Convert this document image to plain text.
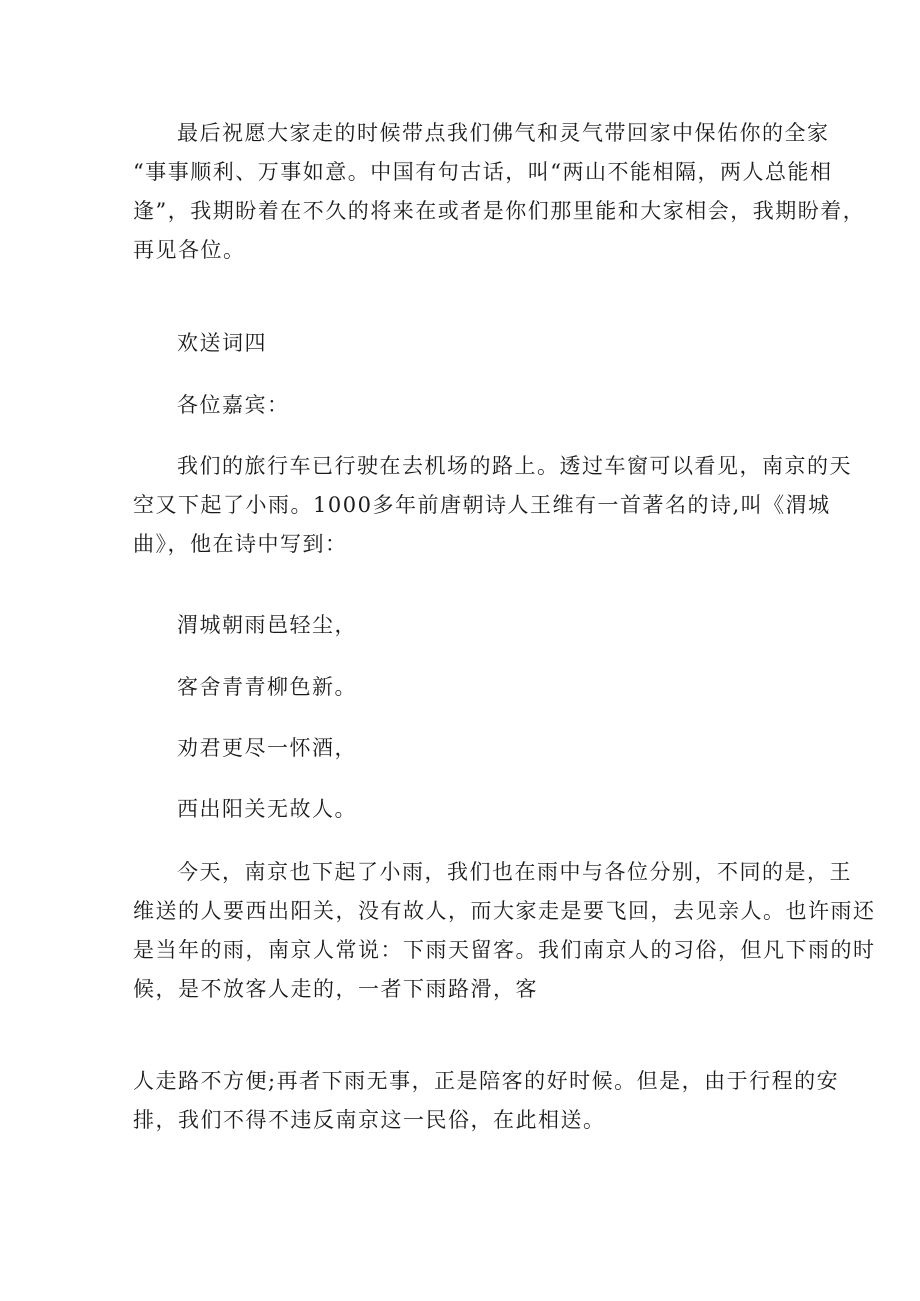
最后祝愿大家走的时候带点我们佛气和灵气带回家中保佑你的全家
“事事顺利、万事如意。中国有句古话，叫“两山不能相隔，两人总能相
逢”，我期盼着在不久的将来在或者是你们那里能和大家相会，我期盼着，
再见各位。

欢送词四

各位嘉宾：

我们的旅行车已行驶在去机场的路上。透过车窗可以看见，南京的天
空又下起了小雨。1000多年前唐朝诗人王维有一首著名的诗,叫《渭城
曲》，他在诗中写到：

渭城朝雨邑轻尘，

客舍青青柳色新。

劝君更尽一怀酒，

西出阳关无故人。

今天，南京也下起了小雨，我们也在雨中与各位分别，不同的是，王
维送的人要西出阳关，没有故人，而大家走是要飞回，去见亲人。也许雨还
是当年的雨，南京人常说：下雨天留客。我们南京人的习俗，但凡下雨的时
候，是不放客人走的，一者下雨路滑，客
人走路不方便;再者下雨无事，正是陪客的好时候。但是，由于行程的安
排，我们不得不违反南京这一民俗，在此相送。
